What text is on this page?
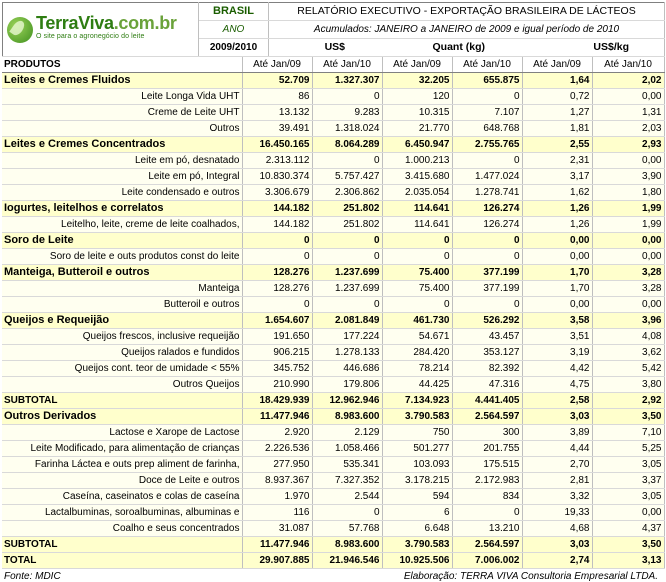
TerraViva.com.br
O site para o agronegócio do leite
	BRASIL	RELATÓRIO EXECUTIVO - EXPORTAÇÃO BRASILEIRA DE LÁCTEOS
ANO	Acumulados: JANEIRO a JANEIRO de 2009 e igual período de 2010
2009/2010		US$	Quant (kg)	US$/kg
PRODUTOS	Até Jan/09	Até Jan/10	Até Jan/09	Até Jan/10	Até Jan/09	Até Jan/10
Leites e Cremes Fluidos	52.709	1.327.307	32.205	655.875	1,64	2,02
Leite Longa Vida UHT	86	0	120	0	0,72	0,00
Creme de Leite UHT	13.132	9.283	10.315	7.107	1,27	1,31
Outros	39.491	1.318.024	21.770	648.768	1,81	2,03
Leites e Cremes Concentrados	16.450.165	8.064.289	6.450.947	2.755.765	2,55	2,93
Leite em pó, desnatado	2.313.112	0	1.000.213	0	2,31	0,00
Leite em pó, Integral	10.830.374	5.757.427	3.415.680	1.477.024	3,17	3,90
Leite condensado e outros	3.306.679	2.306.862	2.035.054	1.278.741	1,62	1,80
Iogurtes, leitelhos e correlatos	144.182	251.802	114.641	126.274	1,26	1,99
Leitelho, leite, creme de leite coalhados,	144.182	251.802	114.641	126.274	1,26	1,99
Soro de Leite	0	0	0	0	0,00	0,00
Soro de leite e outs produtos const do leite	0	0	0	0	0,00	0,00
Manteiga, Butteroil e outros	128.276	1.237.699	75.400	377.199	1,70	3,28
Manteiga	128.276	1.237.699	75.400	377.199	1,70	3,28
Butteroil e outros	0	0	0	0	0,00	0,00
Queijos e Requeijão	1.654.607	2.081.849	461.730	526.292	3,58	3,96
Queijos frescos, inclusive requeijão	191.650	177.224	54.671	43.457	3,51	4,08
Queijos ralados e fundidos	906.215	1.278.133	284.420	353.127	3,19	3,62
Queijos cont. teor de umidade < 55%	345.752	446.686	78.214	82.392	4,42	5,42
Outros Queijos	210.990	179.806	44.425	47.316	4,75	3,80
SUBTOTAL	18.429.939	12.962.946	7.134.923	4.441.405	2,58	2,92
Outros Derivados	11.477.946	8.983.600	3.790.583	2.564.597	3,03	3,50
Lactose e Xarope de Lactose	2.920	2.129	750	300	3,89	7,10
Leite Modificado, para alimentação de crianças	2.226.536	1.058.466	501.277	201.755	4,44	5,25
Farinha Láctea e outs prep aliment de farinha,	277.950	535.341	103.093	175.515	2,70	3,05
Doce de Leite e outros	8.937.367	7.327.352	3.178.215	2.172.983	2,81	3,37
Caseína, caseinatos e colas de caseína	1.970	2.544	594	834	3,32	3,05
Lactalbuminas, soroalbuminas, albuminas e	116	0	6	0	19,33	0,00
Coalho e seus concentrados	31.087	57.768	6.648	13.210	4,68	4,37
SUBTOTAL	11.477.946	8.983.600	3.790.583	2.564.597	3,03	3,50
TOTAL	29.907.885	21.946.546	10.925.506	7.006.002	2,74	3,13
Fonte: MDIC	Elaboração: TERRA VIVA Consultoria Empresarial LTDA.
